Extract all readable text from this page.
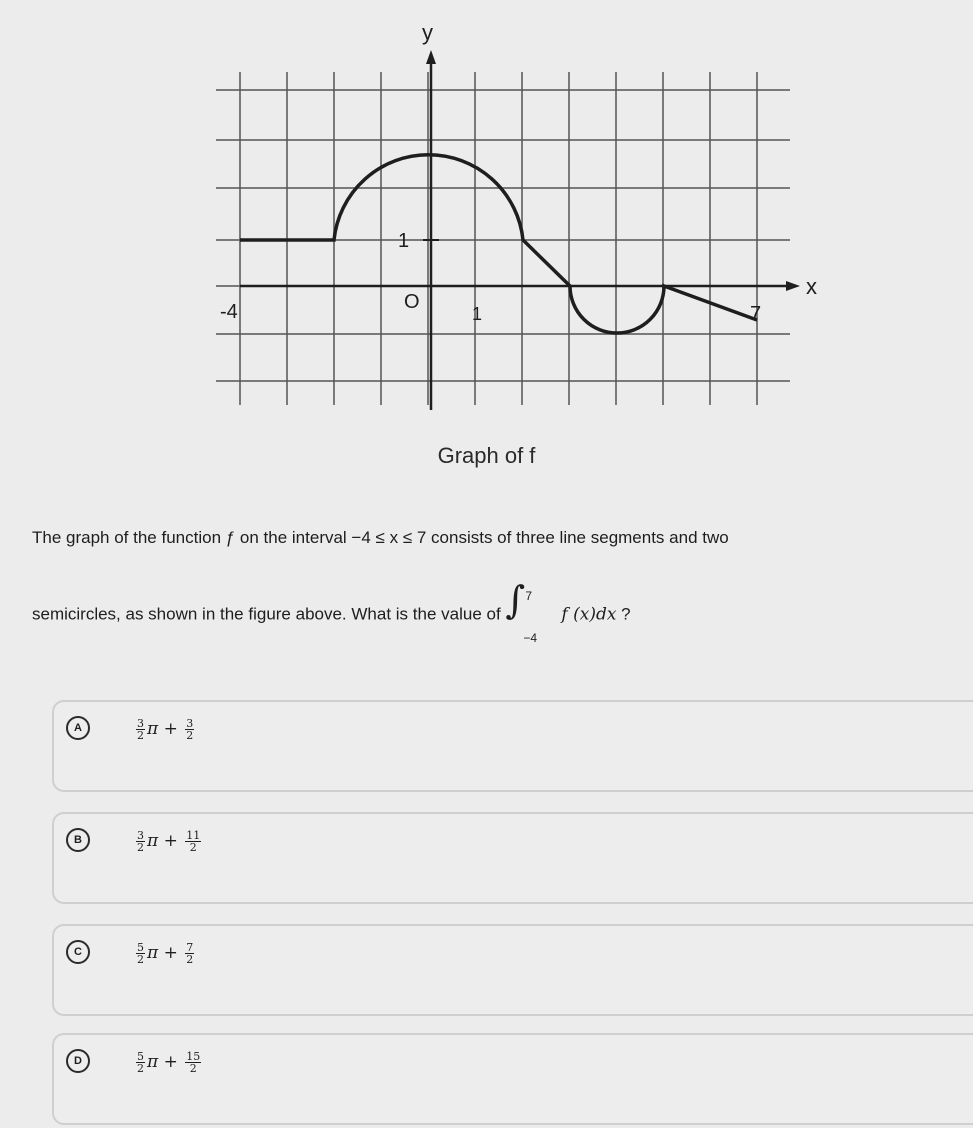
y
x
O
1
1
-4	7
Graph of f
The graph of the function ƒ on the interval −4 ≤ x ≤ 7 consists of three line segments and two
semicircles, as shown in the figure above. What is the value of ∫ 7
−4
f (x)dx ?
A	$\frac{3}{2}$ $\pi + \frac{3}{2}$
B	$\frac{3}{2}$ $\pi + \frac{11}{2}$
C	$\frac{5}{2}$ $\pi + \frac{7}{2}$
D	$\frac{5}{2}$ $\pi + \frac{15}{2}$
